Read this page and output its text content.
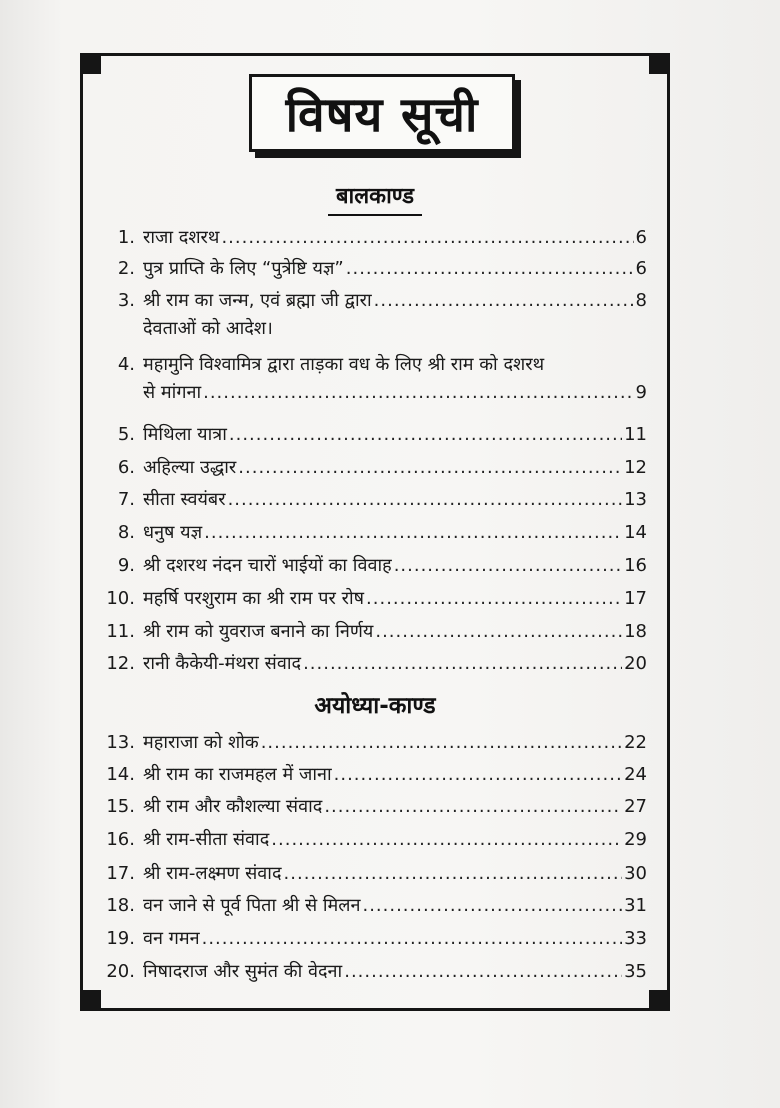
विषय सूची
बालकाण्ड
अयोध्या-काण्ड
1. राजा दशरथ .....	6
2. पुत्र प्राप्ति के लिए “पुत्रेष्टि यज्ञ” .....	6
3. श्री राम का जन्म, एवं ब्रह्मा जी द्वारा .....	8
देवताओं को आदेश।
4. महामुनि विश्वामित्र द्वारा ताड़का वध के लिए श्री राम को दशरथ
से मांगना .....	9
5. मिथिला यात्रा .....	11
6. अहिल्या उद्धार .....	12
7. सीता स्वयंबर .....	13
8. धनुष यज्ञ .....	14
9. श्री दशरथ नंदन चारों भाईयों का विवाह .....	16
10. महर्षि परशुराम का श्री राम पर रोष .....	17
11. श्री राम को युवराज बनाने का निर्णय .....	18
12. रानी कैकेयी-मंथरा संवाद .....	20
13. महाराजा को शोक .....	22
14. श्री राम का राजमहल में जाना .....	24
15. श्री राम और कौशल्या संवाद .....	27
16. श्री राम-सीता संवाद .....	29
17. श्री राम-लक्ष्मण संवाद .....	30
18. वन जाने से पूर्व पिता श्री से मिलन .....	31
19. वन गमन .....	33
20. निषादराज और सुमंत की वेदना .....	35
